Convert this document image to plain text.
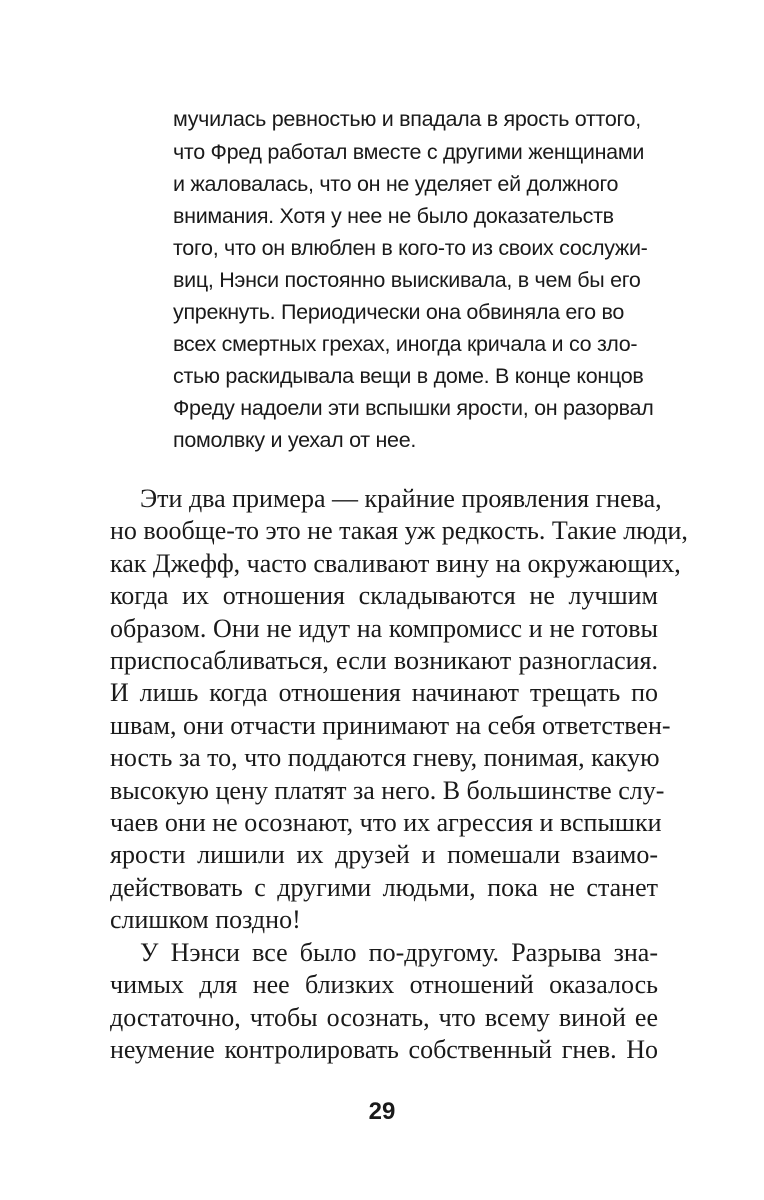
мучилась ревностью и впадала в ярость оттого,
что Фред работал вместе с другими женщинами
и жаловалась, что он не уделяет ей должного
внимания. Хотя у нее не было доказательств
того, что он влюблен в кого-то из своих сослужи-
виц, Нэнси постоянно выискивала, в чем бы его
упрекнуть. Периодически она обвиняла его во
всех смертных грехах, иногда кричала и со зло-
стью раскидывала вещи в доме. В конце концов
Фреду надоели эти вспышки ярости, он разорвал
помолвку и уехал от нее.
Эти два примера — крайние проявления гнева,
но вообще-то это не такая уж редкость. Такие люди,
как Джефф, часто сваливают вину на окружающих,
когда их отношения складываются не лучшим
образом. Они не идут на компромисс и не готовы
приспосабливаться, если возникают разногласия.
И лишь когда отношения начинают трещать по
швам, они отчасти принимают на себя ответствен-
ность за то, что поддаются гневу, понимая, какую
высокую цену платят за него. В большинстве слу-
чаев они не осознают, что их агрессия и вспышки
ярости лишили их друзей и помешали взаимо-
действовать с другими людьми, пока не станет
слишком поздно!
У Нэнси все было по-другому. Разрыва зна-
чимых для нее близких отношений оказалось
достаточно, чтобы осознать, что всему виной ее
неумение контролировать собственный гнев. Но
29
